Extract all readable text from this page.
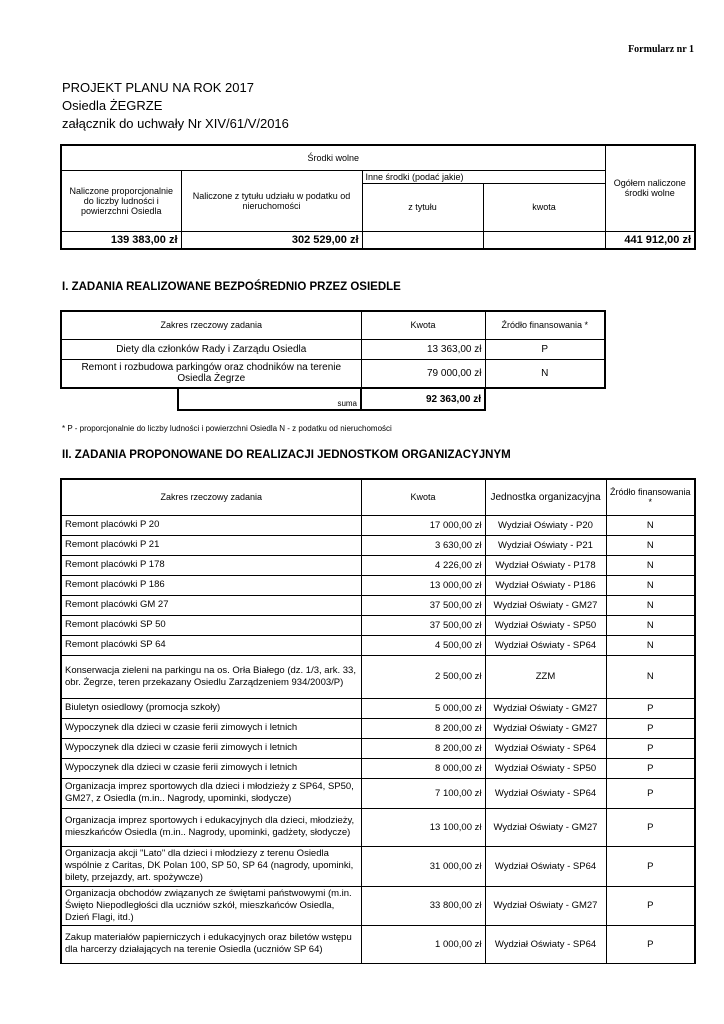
Formularz nr 1
PROJEKT PLANU NA ROK 2017
Osiedla ŻEGRZE
załącznik do uchwały Nr XIV/61/V/2016
Środki wolne				Ogółem naliczone środki wolne
Naliczone proporcjonalnie do liczby ludności i powierzchni Osiedla	Naliczone z tytułu udziału w podatku od nieruchomości	Inne środki (podać jakie)		
		z tytułu	kwota	
139 383,00 zł	302 529,00 zł			441 912,00 zł
I. ZADANIA REALIZOWANE BEZPOŚREDNIO PRZEZ OSIEDLE
Zakres rzeczowy zadania	Kwota	Źródło finansowania *
Diety dla członków Rady i Zarządu Osiedla	13 363,00 zł	P
Remont i rozbudowa parkingów oraz chodników na terenie Osiedla Żegrze	79 000,00 zł	N
suma	92 363,00 zł
* P - proporcjonalnie do liczby ludności i powierzchni Osiedla N - z podatku od nieruchomości
II. ZADANIA PROPONOWANE DO REALIZACJI JEDNOSTKOM ORGANIZACYJNYM
Zakres rzeczowy zadania	Kwota	Jednostka organizacyjna	Źródło finansowania *
Remont placówki P 20	17 000,00 zł	Wydział Oświaty - P20	N
Remont placówki P 21	3 630,00 zł	Wydział Oświaty - P21	N
Remont placówki P 178	4 226,00 zł	Wydział Oświaty - P178	N
Remont placówki P 186	13 000,00 zł	Wydział Oświaty - P186	N
Remont placówki GM 27	37 500,00 zł	Wydział Oświaty - GM27	N
Remont placówki SP 50	37 500,00 zł	Wydział Oświaty - SP50	N
Remont placówki SP 64	4 500,00 zł	Wydział Oświaty - SP64	N
Konserwacja zieleni na parkingu na os. Orła Białego (dz. 1/3, ark. 33, obr. Żegrze, teren przekazany Osiedlu Zarządzeniem 934/2003/P)	2 500,00 zł	ZZM	N
Biuletyn osiedlowy (promocja szkoły)	5 000,00 zł	Wydział Oświaty - GM27	P
Wypoczynek dla dzieci w czasie ferii zimowych i letnich	8 200,00 zł	Wydział Oświaty - GM27	P
Wypoczynek dla dzieci w czasie ferii zimowych i letnich	8 200,00 zł	Wydział Oświaty - SP64	P
Wypoczynek dla dzieci w czasie ferii zimowych i letnich	8 000,00 zł	Wydział Oświaty - SP50	P
Organizacja imprez sportowych dla dzieci i młodzieży z SP64, SP50, GM27, z Osiedla (m.in.. Nagrody, upominki, słodycze)	7 100,00 zł	Wydział Oświaty - SP64	P
Organizacja imprez sportowych i edukacyjnych dla dzieci, młodzieży, mieszkańców Osiedla (m.in.. Nagrody, upominki, gadżety, słodycze)	13 100,00 zł	Wydział Oświaty - GM27	P
Organizacja akcji "Lato" dla dzieci i młodziezy z terenu Osiedla wspólnie z Caritas, DK Polan 100, SP 50, SP 64 (nagrody, upominki, bilety, przejazdy, art. spożywcze)	31 000,00 zł	Wydział Oświaty - SP64	P
Organizacja obchodów związanych ze świętami państwowymi (m.in. Święto Niepodległości dla uczniów szkół, mieszkańców Osiedla, Dzień Flagi, itd.)	33 800,00 zł	Wydział Oświaty - GM27	P
Zakup materiałów papierniczych i edukacyjnych oraz biletów wstępu dla harcerzy działających na terenie Osiedla (uczniów SP 64)	1 000,00 zł	Wydział Oświaty - SP64	P
